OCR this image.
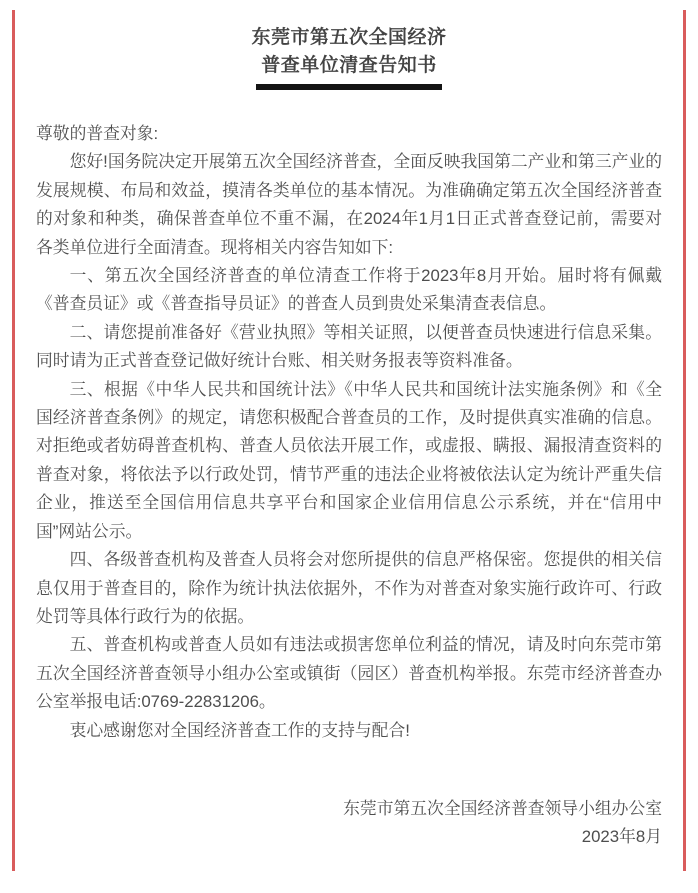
东莞市第五次全国经济
普查单位清查告知书
尊敬的普查对象:

您好!国务院决定开展第五次全国经济普查，全面反映我国第二产业和第三产业的发展规模、布局和效益，摸清各类单位的基本情况。为准确确定第五次全国经济普查的对象和种类，确保普查单位不重不漏，在2024年1月1日正式普查登记前，需要对各类单位进行全面清查。现将相关内容告知如下:

一、第五次全国经济普查的单位清查工作将于2023年8月开始。届时将有佩戴《普查员证》或《普查指导员证》的普查人员到贵处采集清查表信息。

二、请您提前准备好《营业执照》等相关证照，以便普查员快速进行信息采集。同时请为正式普查登记做好统计台账、相关财务报表等资料准备。

三、根据《中华人民共和国统计法》《中华人民共和国统计法实施条例》和《全国经济普查条例》的规定，请您积极配合普查员的工作，及时提供真实准确的信息。对拒绝或者妨碍普查机构、普查人员依法开展工作，或虚报、瞒报、漏报清查资料的普查对象，将依法予以行政处罚，情节严重的违法企业将被依法认定为统计严重失信企业，推送至全国信用信息共享平台和国家企业信用信息公示系统，并在“信用中国”网站公示。

四、各级普查机构及普查人员将会对您所提供的信息严格保密。您提供的相关信息仅用于普查目的，除作为统计执法依据外，不作为对普查对象实施行政许可、行政处罚等具体行政行为的依据。

五、普查机构或普查人员如有违法或损害您单位利益的情况，请及时向东莞市第五次全国经济普查领导小组办公室或镇街（园区）普查机构举报。东莞市经济普查办公室举报电话:0769-22831206。

衷心感谢您对全国经济普查工作的支持与配合!

东莞市第五次全国经济普查领导小组办公室
2023年8月
